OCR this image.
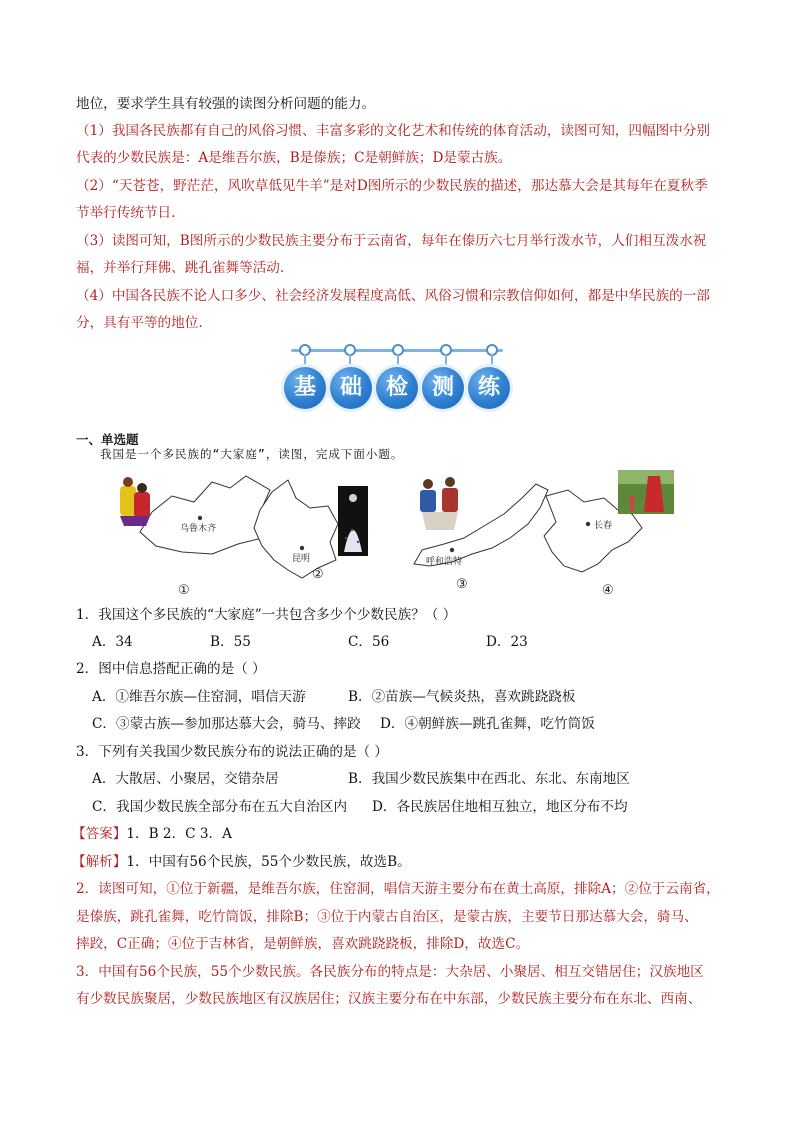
地位，要求学生具有较强的读图分析问题的能力。
（1）我国各民族都有自己的风俗习惯、丰富多彩的文化艺术和传统的体育活动，读图可知，四幅图中分别
代表的少数民族是：A是维吾尔族，B是傣族；C是朝鲜族；D是蒙古族。
（2）“天苍苍，野茫茫，风吹草低见牛羊”是对D图所示的少数民族的描述，那达慕大会是其每年在夏秋季
节举行传统节日.
（3）读图可知，B图所示的少数民族主要分布于云南省，每年在傣历六七月举行泼水节，人们相互泼水祝
福，并举行拜佛、跳孔雀舞等活动.
（4）中国各民族不论人口多少、社会经济发展程度高低、风俗习惯和宗教信仰如何，都是中华民族的一部
分，具有平等的地位.
基	础	检	测	练
一、单选题
我国是一个多民族的“大家庭”，读图，完成下面小题。
乌鲁木齐
①
昆明
②
呼和浩特
③
长春
④
1．我国这个多民族的“大家庭”一共包含多少个少数民族？（ ）
A．34	B．55	C．56	D．23
2．图中信息搭配正确的是（ ）
A．①维吾尔族—住窑洞，唱信天游	B．②苗族—气候炎热，喜欢跳跷跷板
C．③蒙古族—参加那达慕大会，骑马、摔跤 D．④朝鲜族—跳孔雀舞，吃竹筒饭
3．下列有关我国少数民族分布的说法正确的是（ ）
A．大散居、小聚居，交错杂居	B．我国少数民族集中在西北、东北、东南地区
C．我国少数民族全部分布在五大自治区内 D．各民族居住地相互独立，地区分布不均
【答案】1．B 2．C 3．A
【解析】1．中国有56个民族，55个少数民族，故选B。
2．读图可知，①位于新疆，是维吾尔族，住窑洞，唱信天游主要分布在黄土高原，排除A；②位于云南省，
是傣族，跳孔雀舞，吃竹筒饭，排除B；③位于内蒙古自治区，是蒙古族，主要节日那达慕大会，骑马、
摔跤，C正确；④位于吉林省，是朝鲜族，喜欢跳跷跷板，排除D，故选C。
3．中国有56个民族，55个少数民族。各民族分布的特点是：大杂居、小聚居、相互交错居住；汉族地区
有少数民族聚居，少数民族地区有汉族居住；汉族主要分布在中东部，少数民族主要分布在东北、西南、
